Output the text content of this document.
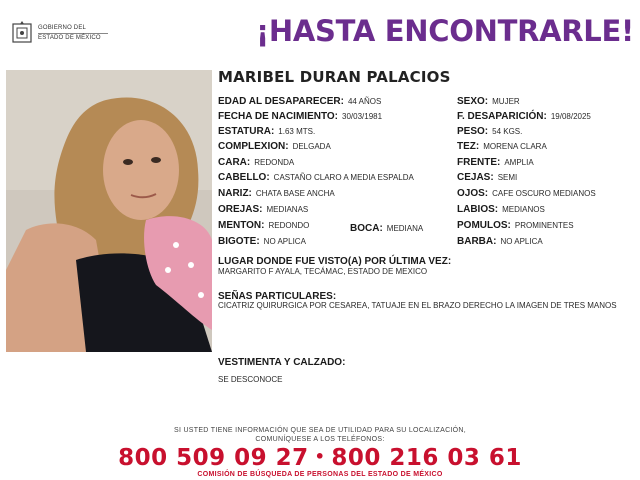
GOBIERNO DEL
ESTADO DE MÉXICO	¡HASTA ENCONTRARLE!
MARIBEL DURAN PALACIOS
EDAD AL DESAPARECER: 44 AÑOS
FECHA DE NACIMIENTO: 30/03/1981
ESTATURA: 1.63 MTS.
COMPLEXION: DELGADA
CARA: REDONDA
CABELLO: CASTAÑO CLARO A MEDIA ESPALDA
NARIZ: CHATA BASE ANCHA
OREJAS: MEDIANAS
MENTON: REDONDO	BOCA: MEDIANA
BIGOTE: NO APLICA
SEXO: MUJER
F. DESAPARICIÓN: 19/08/2025
PESO: 54 KGS.
TEZ: MORENA CLARA
FRENTE: AMPLIA
CEJAS: SEMI
OJOS: CAFE OSCURO MEDIANOS
LABIOS: MEDIANOS
POMULOS: PROMINENTES
BARBA: NO APLICA
LUGAR DONDE FUE VISTO(A) POR ÚLTIMA VEZ:
MARGARITO F AYALA, TECÁMAC, ESTADO DE MEXICO
SEÑAS PARTICULARES:
CICATRIZ QUIRURGICA POR CESAREA, TATUAJE EN EL BRAZO DERECHO LA IMAGEN DE TRES MANOS
VESTIMENTA Y CALZADO:
SE DESCONOCE
SI USTED TIENE INFORMACIÓN QUE SEA DE UTILIDAD PARA SU LOCALIZACIÓN,
COMUNÍQUESE A LOS TELÉFONOS:
800 509 09 27 • 800 216 03 61
COMISIÓN DE BÚSQUEDA DE PERSONAS DEL ESTADO DE MÉXICO
